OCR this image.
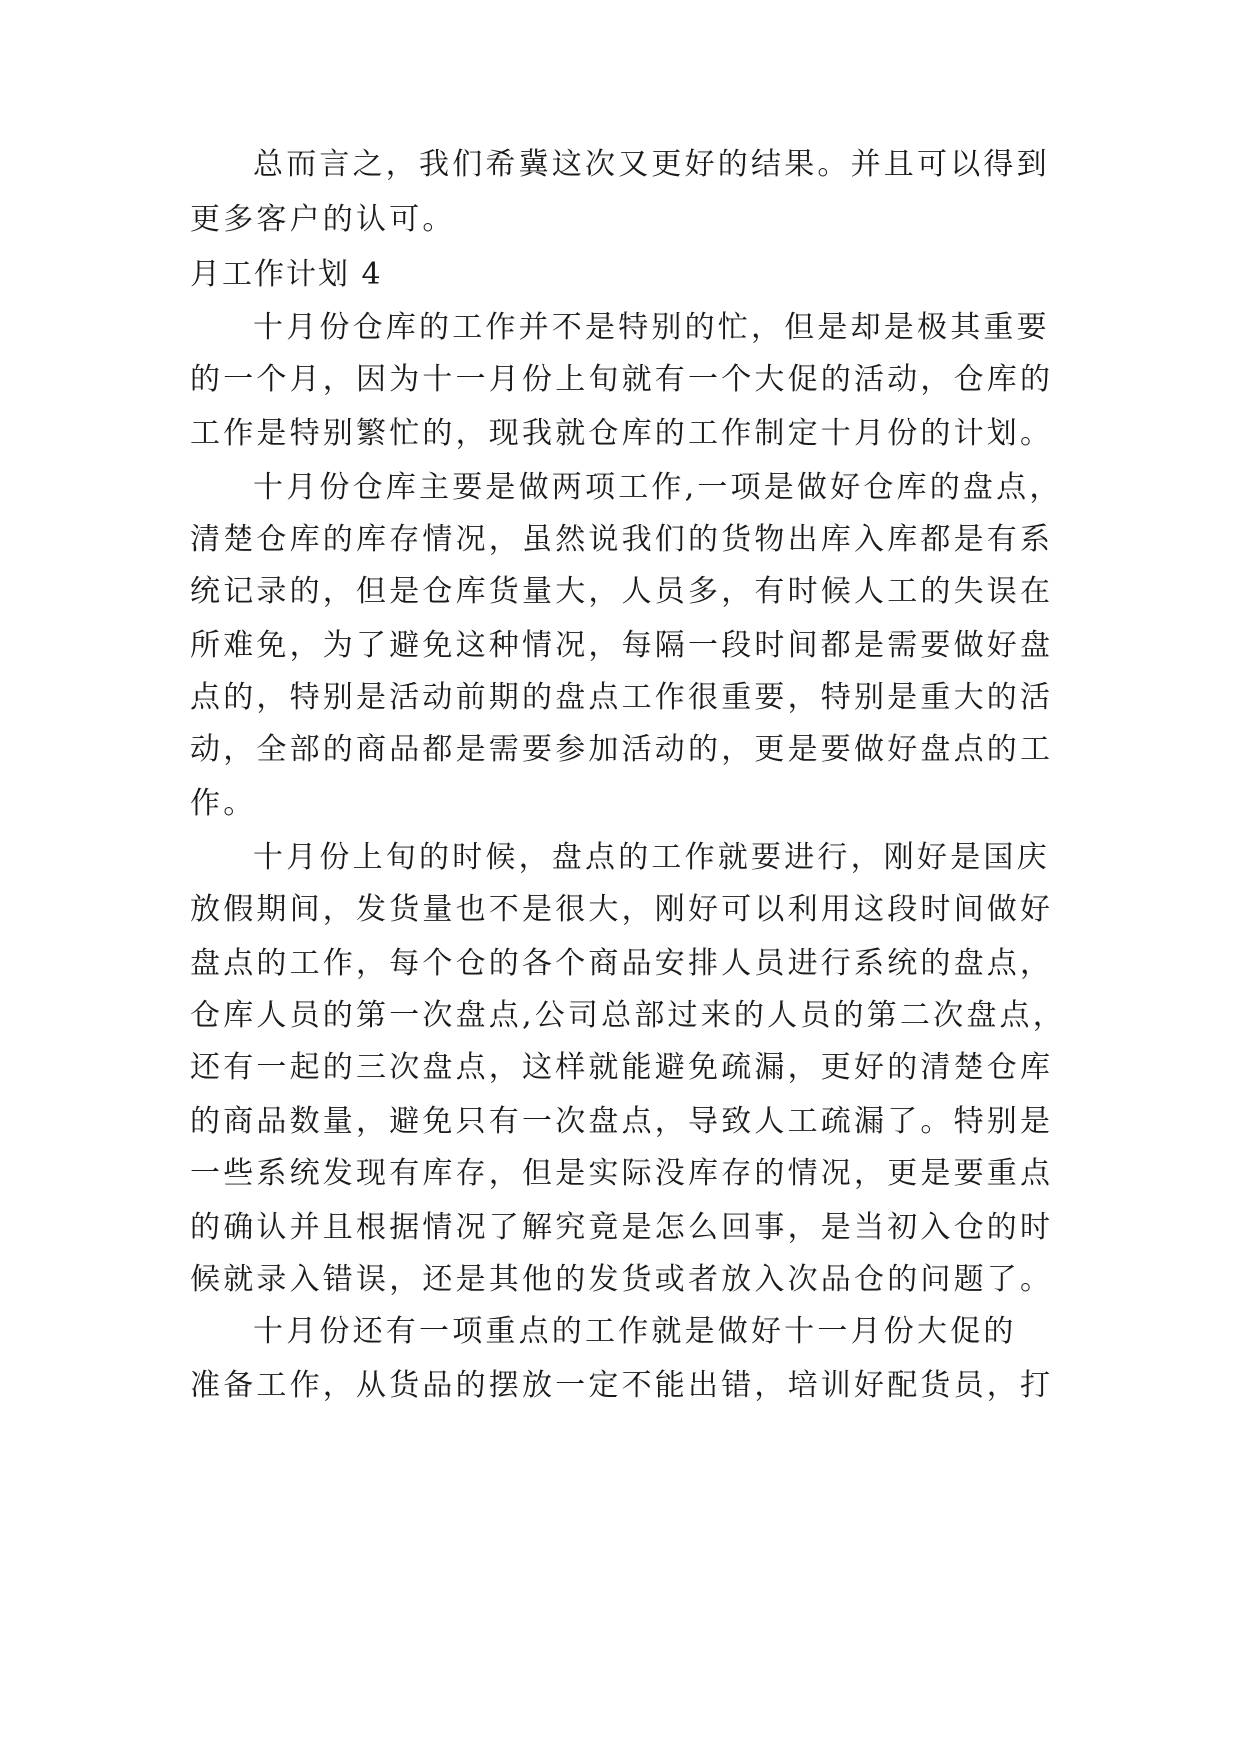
总而言之，我们希冀这次又更好的结果。并且可以得到
更多客户的认可。
月工作计划 4
十月份仓库的工作并不是特别的忙，但是却是极其重要
的一个月，因为十一月份上旬就有一个大促的活动，仓库的
工作是特别繁忙的，现我就仓库的工作制定十月份的计划。
十月份仓库主要是做两项工作,一项是做好仓库的盘点，
清楚仓库的库存情况，虽然说我们的货物出库入库都是有系
统记录的，但是仓库货量大，人员多，有时候人工的失误在
所难免，为了避免这种情况，每隔一段时间都是需要做好盘
点的，特别是活动前期的盘点工作很重要，特别是重大的活
动，全部的商品都是需要参加活动的，更是要做好盘点的工
作。
十月份上旬的时候，盘点的工作就要进行，刚好是国庆
放假期间，发货量也不是很大，刚好可以利用这段时间做好
盘点的工作，每个仓的各个商品安排人员进行系统的盘点，
仓库人员的第一次盘点,公司总部过来的人员的第二次盘点，
还有一起的三次盘点，这样就能避免疏漏，更好的清楚仓库
的商品数量，避免只有一次盘点，导致人工疏漏了。特别是
一些系统发现有库存，但是实际没库存的情况，更是要重点
的确认并且根据情况了解究竟是怎么回事，是当初入仓的时
候就录入错误，还是其他的发货或者放入次品仓的问题了。
十月份还有一项重点的工作就是做好十一月份大促的
准备工作，从货品的摆放一定不能出错，培训好配货员，打
